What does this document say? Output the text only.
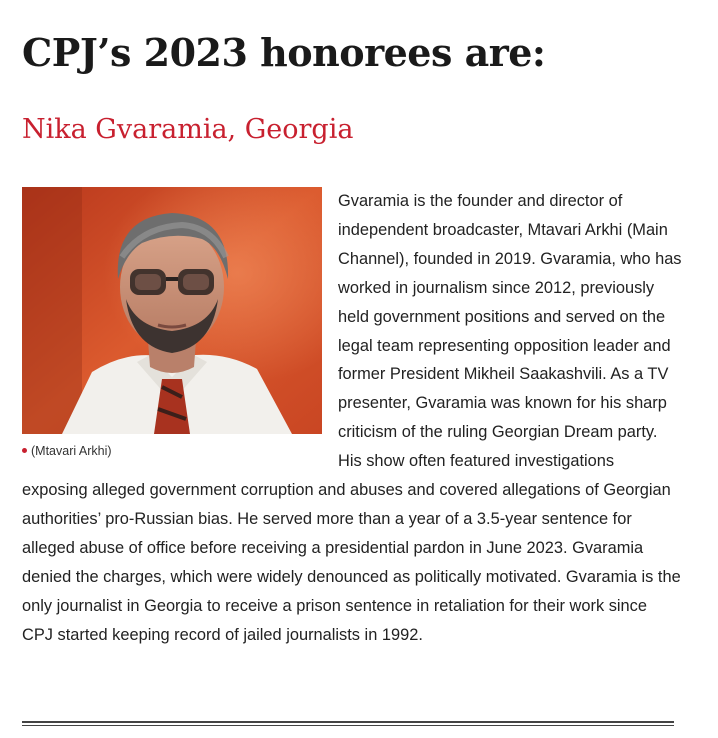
CPJ’s 2023 honorees are:
Nika Gvaramia, Georgia
(Mtavari Arkhi)

Gvaramia is the founder and director of independent broadcaster, Mtavari Arkhi (Main Channel), founded in 2019. Gvaramia, who has worked in journalism since 2012, previously held government positions and served on the legal team representing opposition leader and former President Mikheil Saakashvili. As a TV presenter, Gvaramia was known for his sharp criticism of the ruling Georgian Dream party. His show often featured investigations exposing alleged government corruption and abuses and covered allegations of Georgian authorities’ pro-Russian bias. He served more than a year of a 3.5-year sentence for alleged abuse of office before receiving a presidential pardon in June 2023. Gvaramia denied the charges, which were widely denounced as politically motivated. Gvaramia is the only journalist in Georgia to receive a prison sentence in retaliation for their work since CPJ started keeping record of jailed journalists in 1992.
